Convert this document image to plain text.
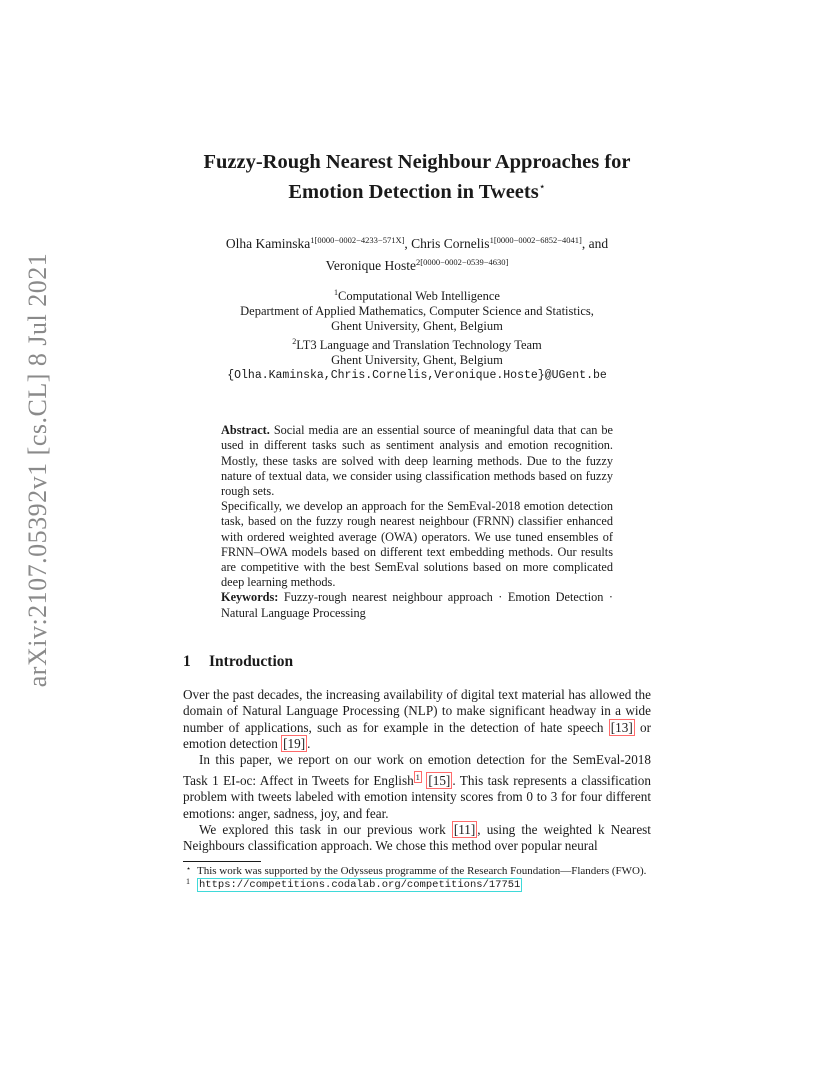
arXiv:2107.05392v1 [cs.CL] 8 Jul 2021
Fuzzy-Rough Nearest Neighbour Approaches for
Emotion Detection in Tweets⋆
Olha Kaminska$^{1[0000-0002-4233-571X]}$, Chris Cornelis$^{1[0000-0002-6852-4041]}$, and
Veronique Hoste$^{2[0000-0002-0539-4630]}$
$^1$Computational Web Intelligence
Department of Applied Mathematics, Computer Science and Statistics,
Ghent University, Ghent, Belgium
$^2$LT3 Language and Translation Technology Team
Ghent University, Ghent, Belgium
{Olha.Kaminska,Chris.Cornelis,Veronique.Hoste}@UGent.be

Abstract. Social media are an essential source of meaningful data that can be used in different tasks such as sentiment analysis and emotion recognition. Mostly, these tasks are solved with deep learning methods. Due to the fuzzy nature of textual data, we consider using classification methods based on fuzzy rough sets.

Specifically, we develop an approach for the SemEval-2018 emotion detection task, based on the fuzzy rough nearest neighbour (FRNN) classifier enhanced with ordered weighted average (OWA) operators. We use tuned ensembles of FRNN–OWA models based on different text embedding methods. Our results are competitive with the best SemEval solutions based on more complicated deep learning methods.

Keywords: Fuzzy-rough nearest neighbour approach · Emotion Detection · Natural Language Processing

1 Introduction

Over the past decades, the increasing availability of digital text material has allowed the domain of Natural Language Processing (NLP) to make significant headway in a wide number of applications, such as for example in the detection of hate speech [13] or emotion detection [19] .

In this paper, we report on our work on emotion detection for the SemEval-2018 Task 1 EI-oc: Affect in Tweets for English $^1$ [15] . This task represents a classification problem with tweets labeled with emotion intensity scores from 0 to 3 for four different emotions: anger, sadness, joy, and fear.

We explored this task in our previous work [11] , using the weighted k Nearest Neighbours classification approach. We chose this method over popular neural

⋆ This work was supported by the Odysseus programme of the Research Foundation—Flanders (FWO).
1 https://competitions.codalab.org/competitions/17751
